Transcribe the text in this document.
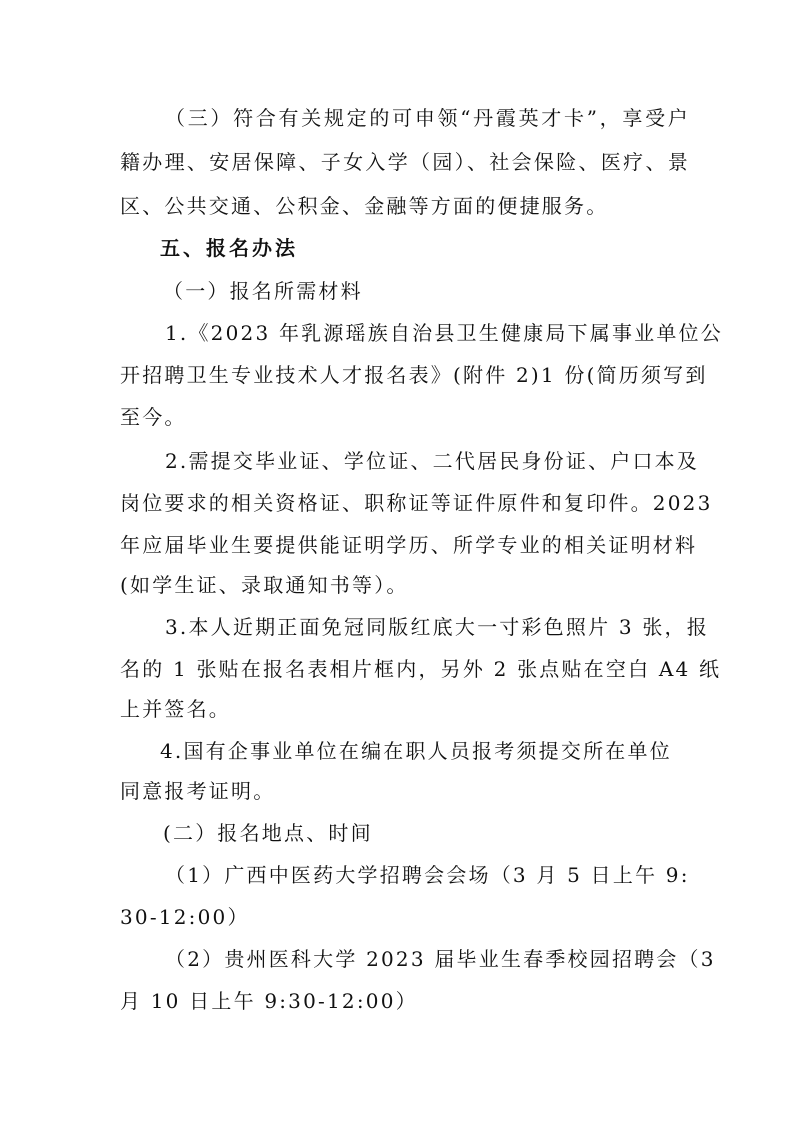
（三）符合有关规定的可申领“丹霞英才卡”，享受户
籍办理、安居保障、子女入学（园）、社会保险、医疗、景
区、公共交通、公积金、金融等方面的便捷服务。
五、报名办法
（一）报名所需材料
1.《2023 年乳源瑶族自治县卫生健康局下属事业单位公
开招聘卫生专业技术人才报名表》(附件 2)1 份(简历须写到
至今。
2.需提交毕业证、学位证、二代居民身份证、户口本及
岗位要求的相关资格证、职称证等证件原件和复印件。2023
年应届毕业生要提供能证明学历、所学专业的相关证明材料
(如学生证、录取通知书等）。
3.本人近期正面免冠同版红底大一寸彩色照片 3 张，报
名的 1 张贴在报名表相片框内，另外 2 张点贴在空白 A4 纸
上并签名。
4.国有企事业单位在编在职人员报考须提交所在单位
同意报考证明。
(二）报名地点、时间
（1）广西中医药大学招聘会会场（3 月 5 日上午 9:
30-12:00）
（2）贵州医科大学 2023 届毕业生春季校园招聘会（3
月 10 日上午 9:30-12:00）
